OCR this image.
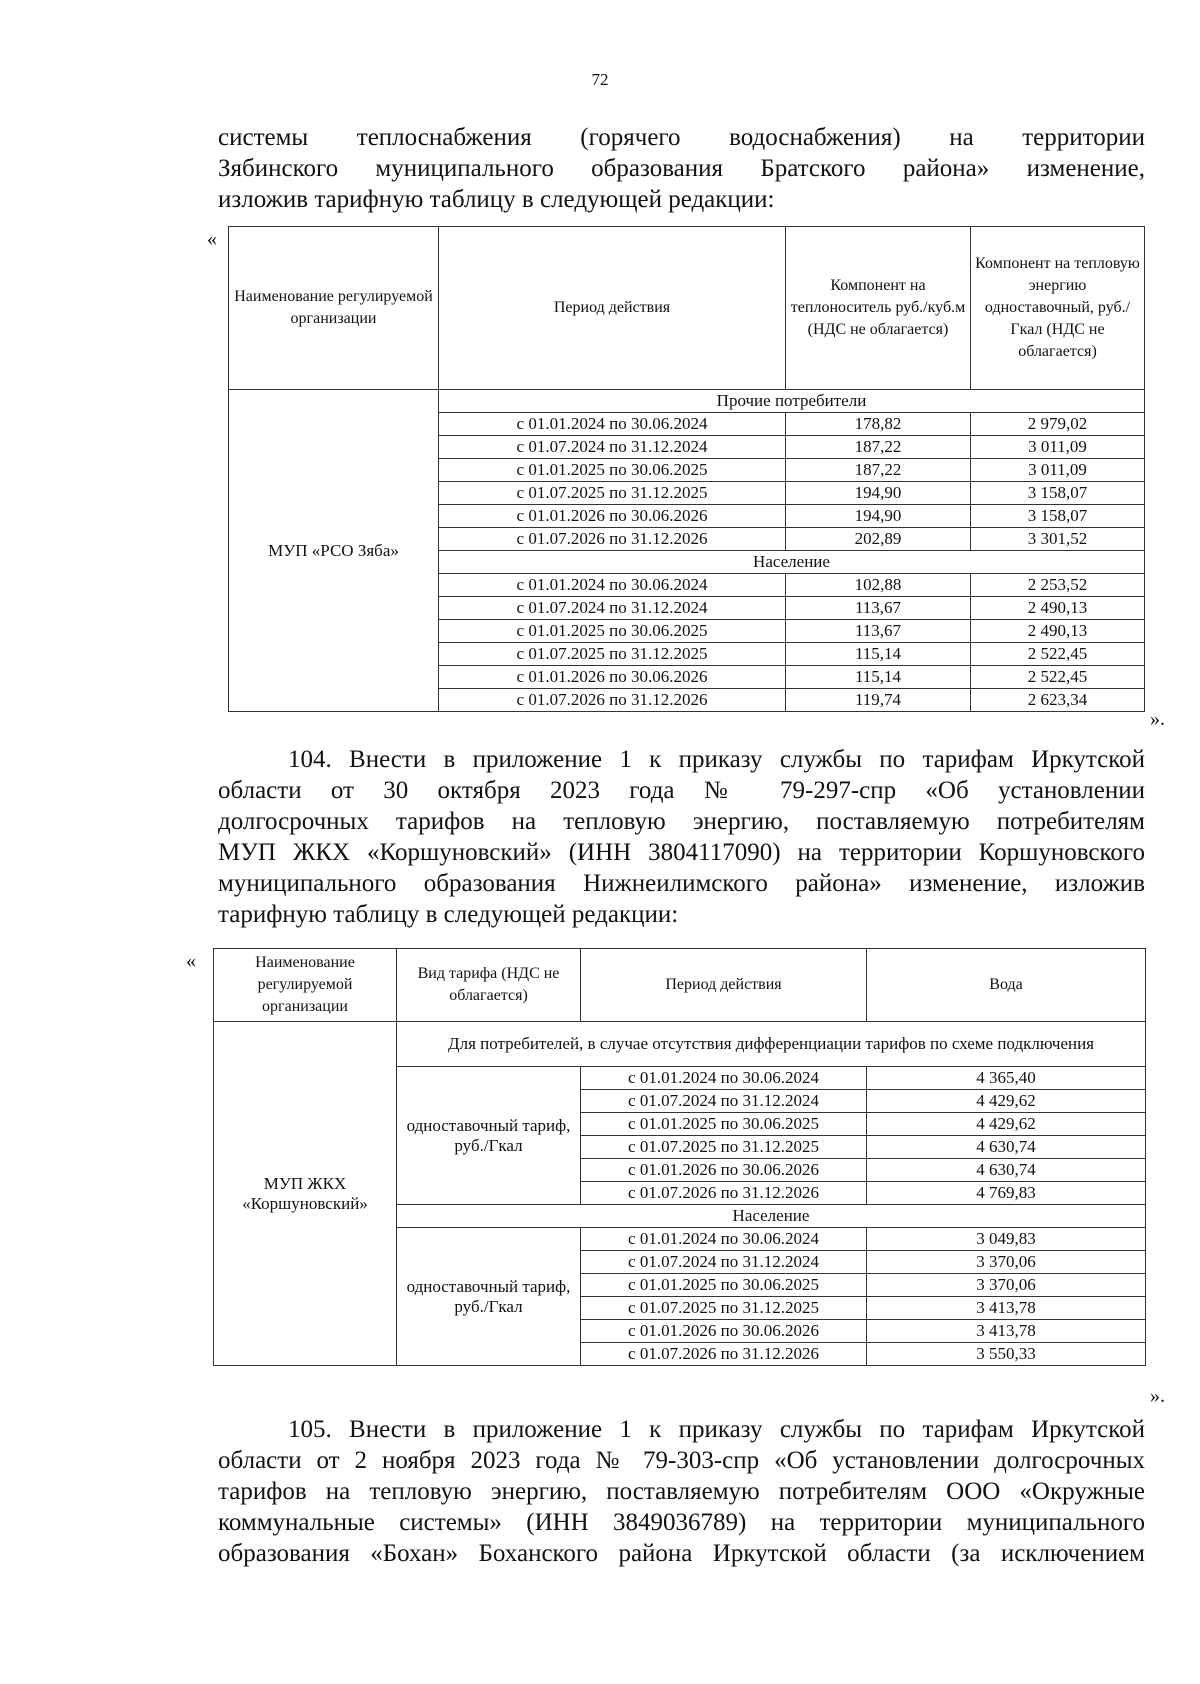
72

системы теплоснабжения (горячего водоснабжения) на территории

Зябинского муниципального образования Братского района» изменение,

изложив тарифную таблицу в следующей редакции:

«
Наименование регулируемой организации	Период действия	Компонент на теплоноситель руб./куб.м (НДС не облагается)	Компонент на тепловую энергию одноставочный, руб./Гкал (НДС не облагается)
МУП «РСО Зяба»	Прочие потребители		
	с 01.01.2024 по 30.06.2024	178,82	2 979,02
	с 01.07.2024 по 31.12.2024	187,22	3 011,09
	с 01.01.2025 по 30.06.2025	187,22	3 011,09
	с 01.07.2025 по 31.12.2025	194,90	3 158,07
	с 01.01.2026 по 30.06.2026	194,90	3 158,07
	с 01.07.2026 по 31.12.2026	202,89	3 301,52
	Население		
	с 01.01.2024 по 30.06.2024	102,88	2 253,52
	с 01.07.2024 по 31.12.2024	113,67	2 490,13
	с 01.01.2025 по 30.06.2025	113,67	2 490,13
	с 01.07.2025 по 31.12.2025	115,14	2 522,45
	с 01.01.2026 по 30.06.2026	115,14	2 522,45
	с 01.07.2026 по 31.12.2026	119,74	2 623,34
».

104. Внести в приложение 1 к приказу службы по тарифам Иркутской

области от 30 октября 2023 года № 79-297-спр «Об установлении

долгосрочных тарифов на тепловую энергию, поставляемую потребителям

МУП ЖКХ «Коршуновский» (ИНН 3804117090) на территории Коршуновского

муниципального образования Нижнеилимского района» изменение, изложив

тарифную таблицу в следующей редакции:

«	Наименование регулируемой организации	Вид тарифа (НДС не облагается)	Период действия	Вода
МУП ЖКХ «Коршуновский»	Для потребителей, в случае отсутствия дифференциации тарифов по схеме подключения		
	одноставочный тариф, руб./Гкал	с 01.01.2024 по 30.06.2024	4 365,40
		с 01.07.2024 по 31.12.2024	4 429,62
		с 01.01.2025 по 30.06.2025	4 429,62
		с 01.07.2025 по 31.12.2025	4 630,74
		с 01.01.2026 по 30.06.2026	4 630,74
		с 01.07.2026 по 31.12.2026	4 769,83
	Население		
	одноставочный тариф, руб./Гкал	с 01.01.2024 по 30.06.2024	3 049,83
		с 01.07.2024 по 31.12.2024	3 370,06
		с 01.01.2025 по 30.06.2025	3 370,06
		с 01.07.2025 по 31.12.2025	3 413,78
		с 01.01.2026 по 30.06.2026	3 413,78
		с 01.07.2026 по 31.12.2026	3 550,33
».

105. Внести в приложение 1 к приказу службы по тарифам Иркутской

области от 2 ноября 2023 года № 79-303-спр «Об установлении долгосрочных

тарифов на тепловую энергию, поставляемую потребителям ООО «Окружные

коммунальные системы» (ИНН 3849036789) на территории муниципального

образования «Бохан» Боханского района Иркутской области (за исключением
